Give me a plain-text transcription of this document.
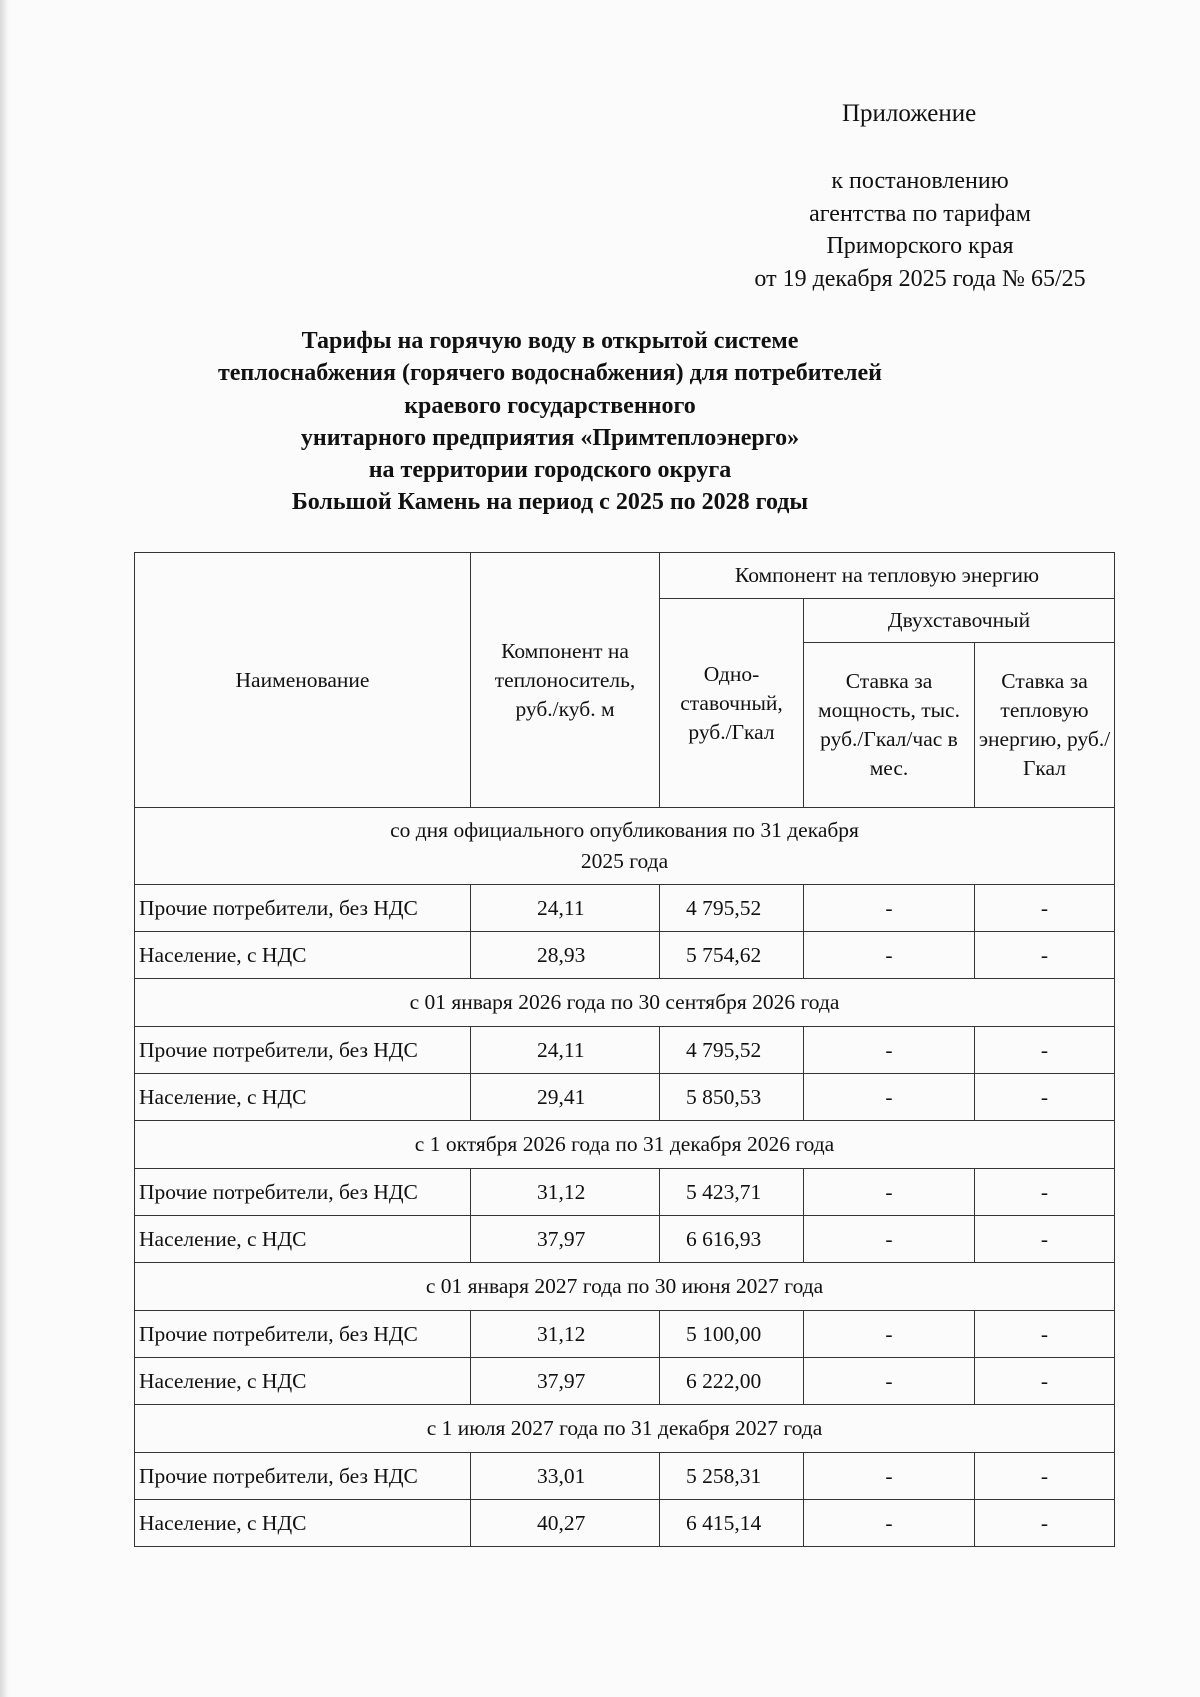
Приложение
к постановлению
агентства по тарифам
Приморского края
от 19 декабря 2025 года № 65/25
Тарифы на горячую воду в открытой системе
теплоснабжения (горячего водоснабжения) для потребителей
краевого государственного
унитарного предприятия «Примтеплоэнерго»
на территории городского округа
Большой Камень на период с 2025 по 2028 годы
Наименование	Компонент на теплоноситель, руб./куб. м	Компонент на тепловую энергию		
		Одно-ставочный, руб./Гкал	Двухставочный	
			Ставка за мощность, тыс. руб./Гкал/час в мес.	Ставка за тепловую энергию, руб./Гкал
со дня официального опубликования по 31 декабря 2025 года				
Прочие потребители, без НДС	24,11	4 795,52	-	-
Население, с НДС	28,93	5 754,62	-	-
с 01 января 2026 года по 30 сентября 2026 года				
Прочие потребители, без НДС	24,11	4 795,52	-	-
Население, с НДС	29,41	5 850,53	-	-
с 1 октября 2026 года по 31 декабря 2026 года				
Прочие потребители, без НДС	31,12	5 423,71	-	-
Население, с НДС	37,97	6 616,93	-	-
с 01 января 2027 года по 30 июня 2027 года				
Прочие потребители, без НДС	31,12	5 100,00	-	-
Население, с НДС	37,97	6 222,00	-	-
с 1 июля 2027 года по 31 декабря 2027 года				
Прочие потребители, без НДС	33,01	5 258,31	-	-
Население, с НДС	40,27	6 415,14	-	-
